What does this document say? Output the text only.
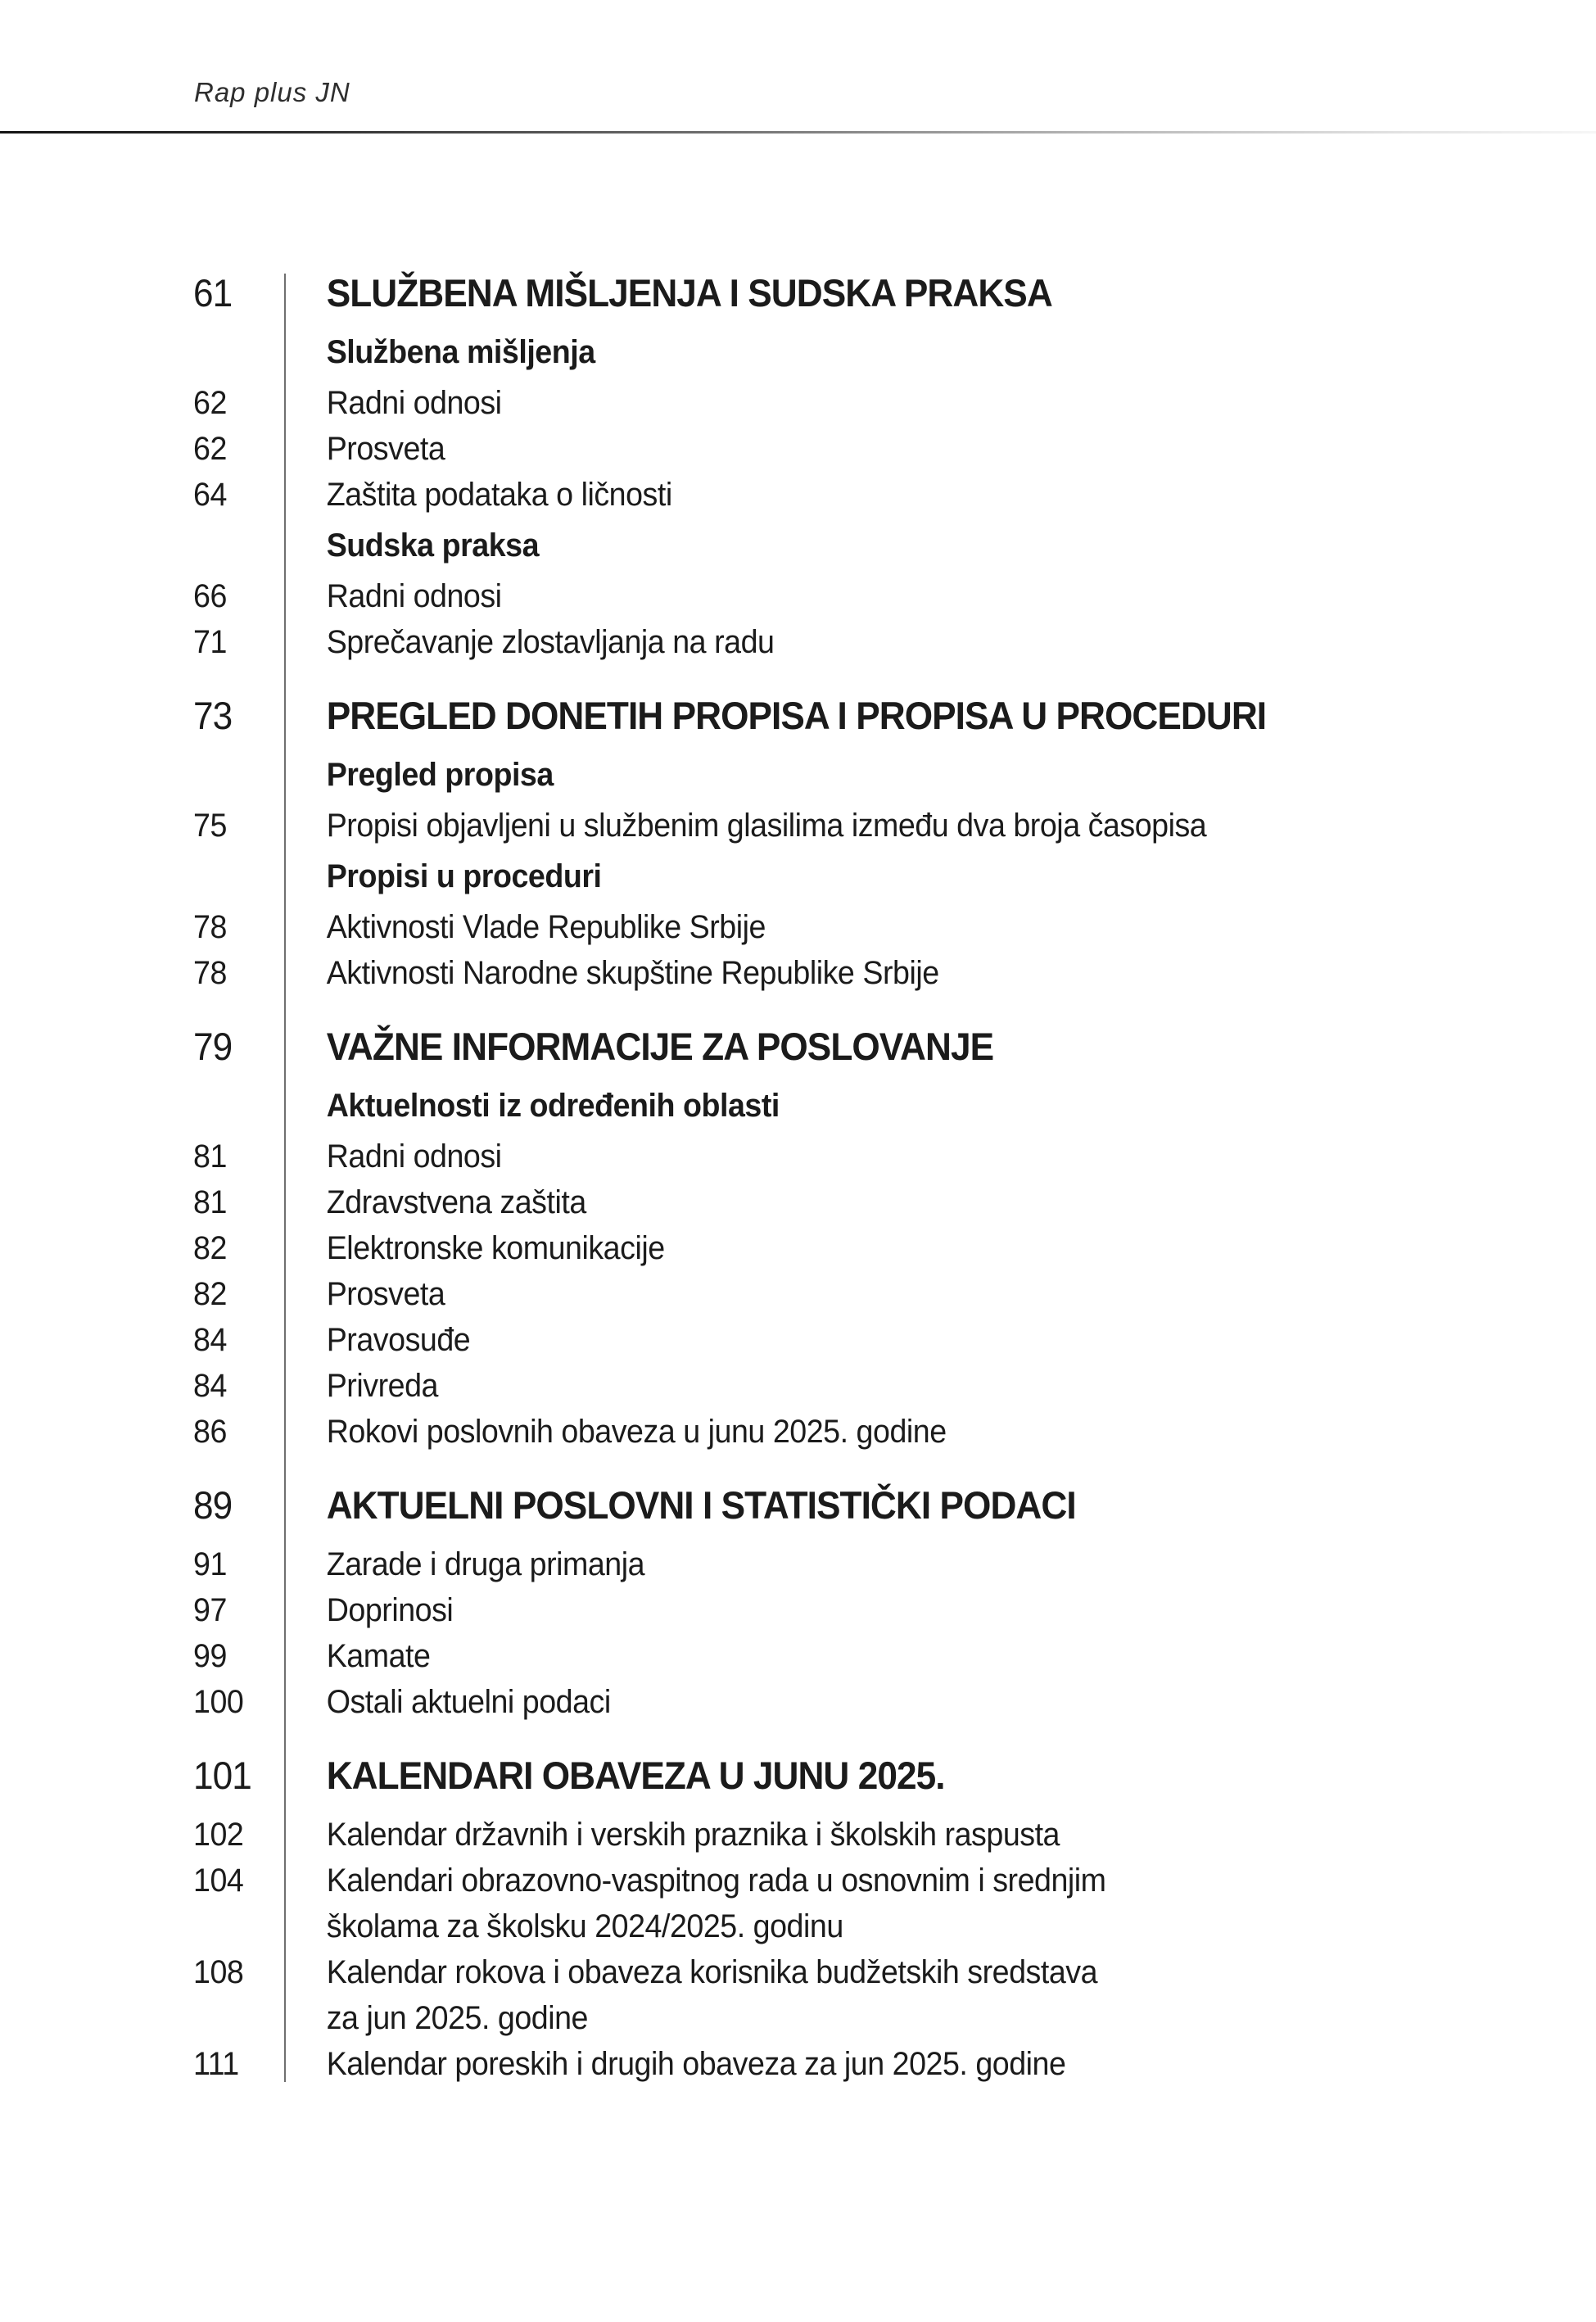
Rap plus JN
61	SLUŽBENA MIŠLJENJA I SUDSKA PRAKSA
Službena mišljenja
62	Radni odnosi
62	Prosveta
64	Zaštita podataka o ličnosti
Sudska praksa
66	Radni odnosi
71	Sprečavanje zlostavljanja na radu
73	PREGLED DONETIH PROPISA I PROPISA U PROCEDURI
Pregled propisa
75	Propisi objavljeni u službenim glasilima između dva broja časopisa
Propisi u proceduri
78	Aktivnosti Vlade Republike Srbije
78	Aktivnosti Narodne skupštine Republike Srbije
79	VAŽNE INFORMACIJE ZA POSLOVANJE
Aktuelnosti iz određenih oblasti
81	Radni odnosi
81	Zdravstvena zaštita
82	Elektronske komunikacije
82	Prosveta
84	Pravosuđe
84	Privreda
86	Rokovi poslovnih obaveza u junu 2025. godine
89	AKTUELNI POSLOVNI I STATISTIČKI PODACI
91	Zarade i druga primanja
97	Doprinosi
99	Kamate
100	Ostali aktuelni podaci
101	KALENDARI OBAVEZA U JUNU 2025.
102	Kalendar državnih i verskih praznika i školskih raspusta
104	Kalendari obrazovno-vaspitnog rada u osnovnim i srednjim
školama za školsku 2024/2025. godinu
108	Kalendar rokova i obaveza korisnika budžetskih sredstava
za jun 2025. godine
111	Kalendar poreskih i drugih obaveza za jun 2025. godine
